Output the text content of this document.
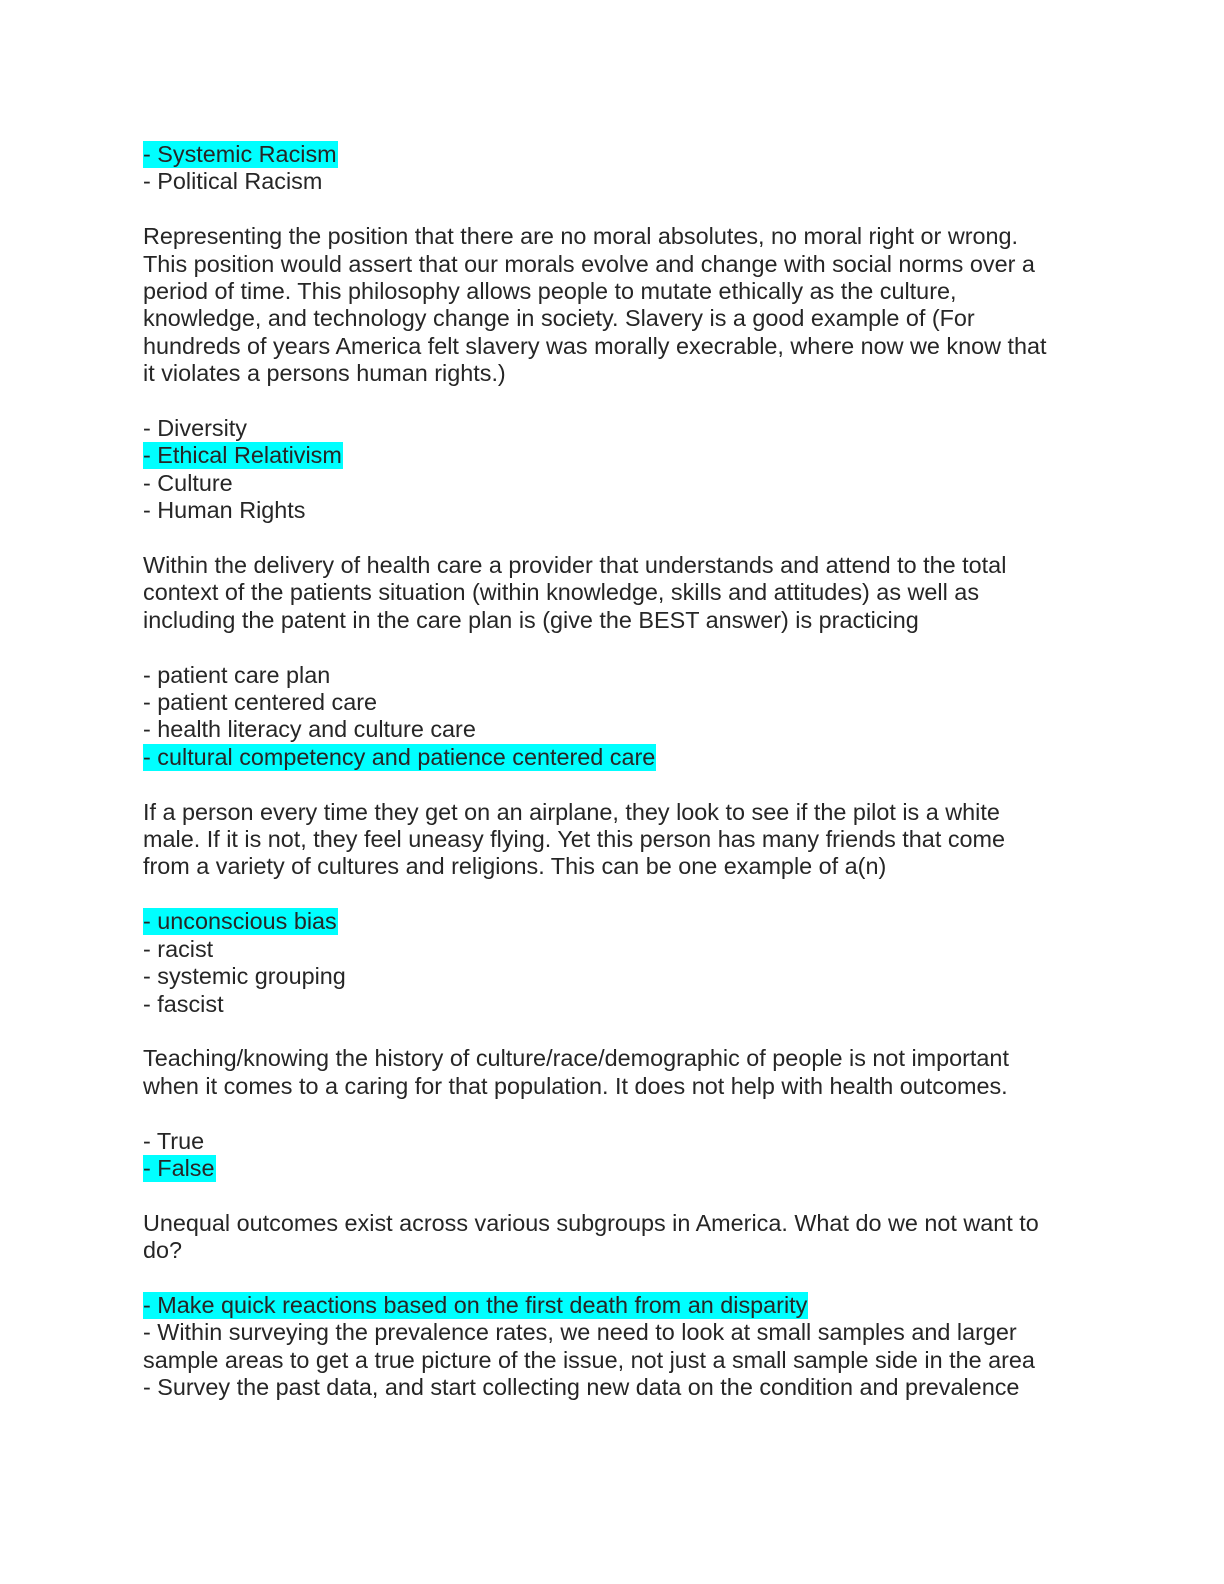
- Systemic Racism
- Political Racism
Representing the position that there are no moral absolutes, no moral right or wrong.
This position would assert that our morals evolve and change with social norms over a
period of time. This philosophy allows people to mutate ethically as the culture,
knowledge, and technology change in society. Slavery is a good example of (For
hundreds of years America felt slavery was morally execrable, where now we know that
it violates a persons human rights.)
- Diversity
- Ethical Relativism
- Culture
- Human Rights
Within the delivery of health care a provider that understands and attend to the total
context of the patients situation (within knowledge, skills and attitudes) as well as
including the patent in the care plan is (give the BEST answer) is practicing
- patient care plan
- patient centered care
- health literacy and culture care
- cultural competency and patience centered care
If a person every time they get on an airplane, they look to see if the pilot is a white
male. If it is not, they feel uneasy flying. Yet this person has many friends that come
from a variety of cultures and religions. This can be one example of a(n)
- unconscious bias
- racist
- systemic grouping
- fascist
Teaching/knowing the history of culture/race/demographic of people is not important
when it comes to a caring for that population. It does not help with health outcomes.
- True
- False
Unequal outcomes exist across various subgroups in America. What do we not want to
do?
- Make quick reactions based on the first death from an disparity
- Within surveying the prevalence rates, we need to look at small samples and larger
sample areas to get a true picture of the issue, not just a small sample side in the area
- Survey the past data, and start collecting new data on the condition and prevalence
